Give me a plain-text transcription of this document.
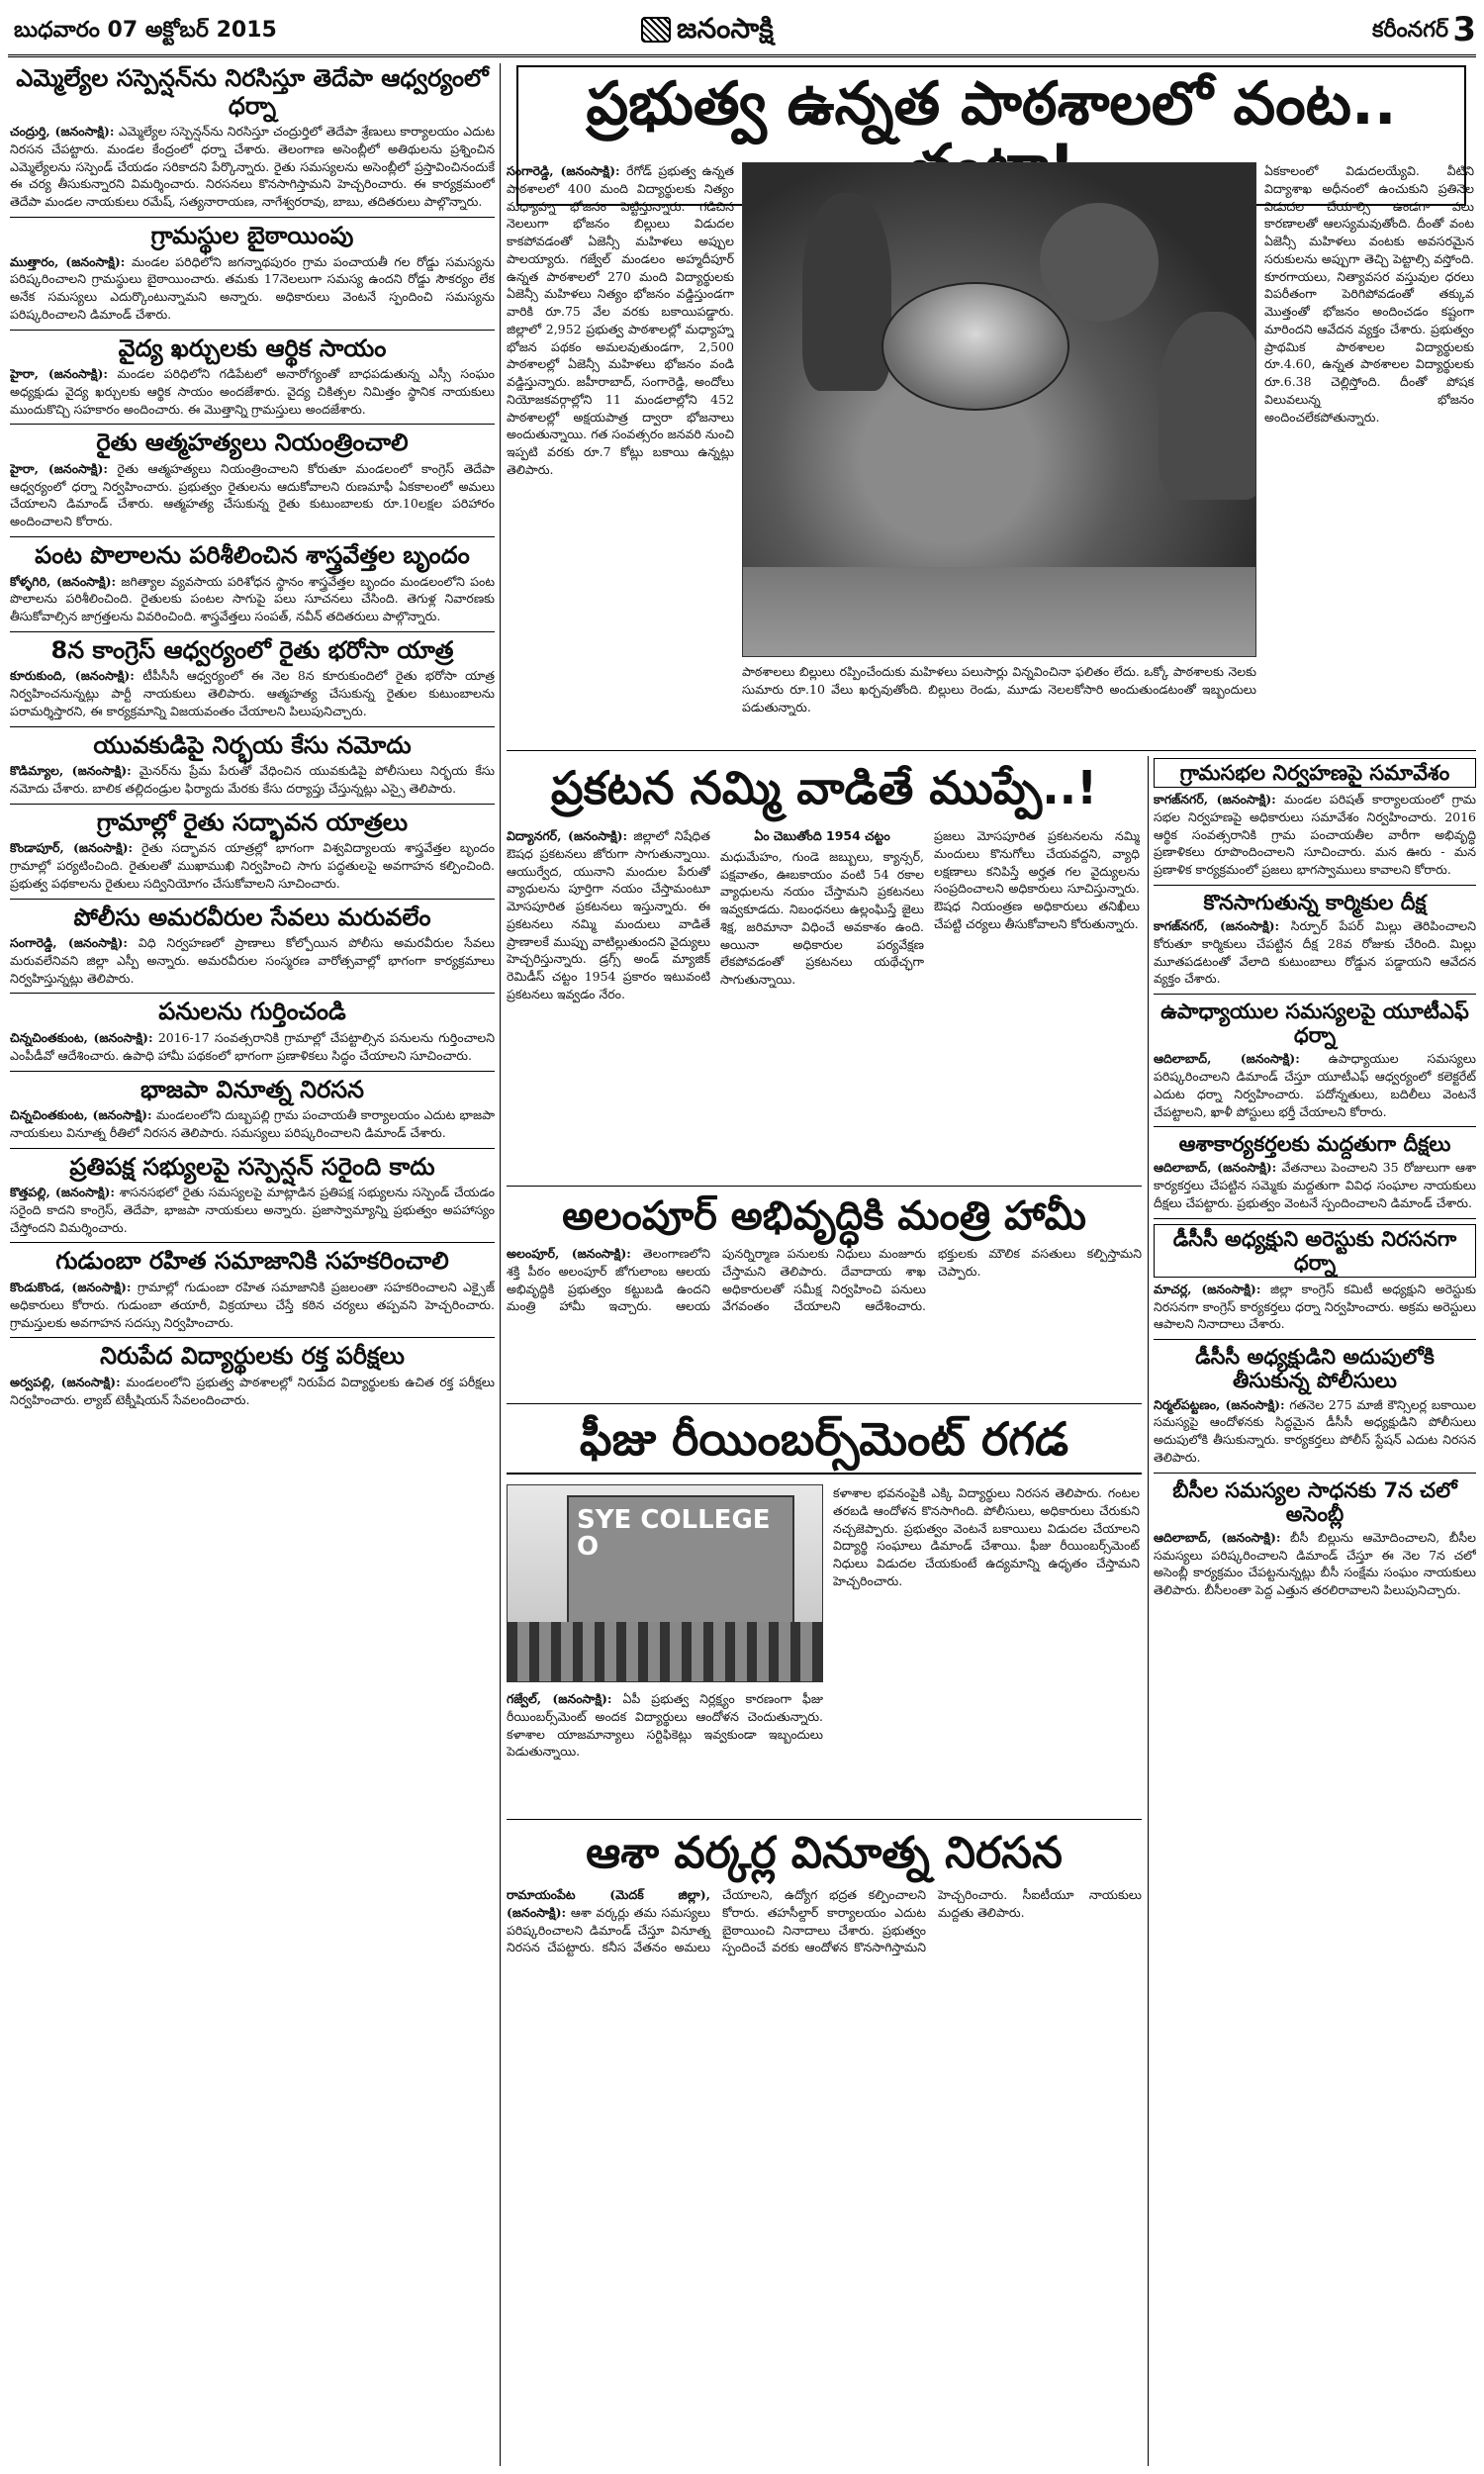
బుధవారం 07 అక్టోబర్ 2015	జనంసాక్షి	కరీంనగర్ 3
ఎమ్మెల్యేల సస్పెన్షన్‌ను నిరసిస్తూ తెదేపా ఆధ్వర్యంలో ధర్నా
చంద్రుర్తి, (జనంసాక్షి): ఎమ్మెల్యేల సస్పెన్షన్‌ను నిరసిస్తూ చంద్రుర్తిలో తెదేపా శ్రేణులు కార్యాలయం ఎదుట నిరసన చేపట్టారు. మండల కేంద్రంలో ధర్నా చేశారు. తెలంగాణ అసెంబ్లీలో అతిథులను ప్రశ్నించిన ఎమ్మెల్యేలను సస్పెండ్ చేయడం సరికాదని పేర్కొన్నారు. రైతు సమస్యలను అసెంబ్లీలో ప్రస్తావించినందుకే ఈ చర్య తీసుకున్నారని విమర్శించారు. నిరసనలు కొనసాగిస్తామని హెచ్చరించారు. ఈ కార్యక్రమంలో తెదేపా మండల నాయకులు రమేష్, సత్యనారాయణ, నాగేశ్వరరావు, బాబు, తదితరులు పాల్గొన్నారు.
గ్రామస్థుల బైఠాయింపు
ముత్తారం, (జనంసాక్షి): మండల పరిధిలోని జగన్నాథపురం గ్రామ పంచాయతీ గల రోడ్డు సమస్యను పరిష్కరించాలని గ్రామస్థులు బైఠాయించారు. తమకు 17నెలలుగా సమస్య ఉందని రోడ్డు సౌకర్యం లేక అనేక సమస్యలు ఎదుర్కొంటున్నామని అన్నారు. అధికారులు వెంటనే స్పందించి సమస్యను పరిష్కరించాలని డిమాండ్ చేశారు.
వైద్య ఖర్చులకు ఆర్థిక సాయం
హైరా, (జనంసాక్షి): మండల పరిధిలోని గడిపేటలో అనారోగ్యంతో బాధపడుతున్న ఎస్సీ సంఘం అధ్యక్షుడు వైద్య ఖర్చులకు ఆర్థిక సాయం అందజేశారు. వైద్య చికిత్సల నిమిత్తం స్థానిక నాయకులు ముందుకొచ్చి సహకారం అందించారు. ఈ మొత్తాన్ని గ్రామస్తులు అందజేశారు.
రైతు ఆత్మహత్యలు నియంత్రించాలి
హైరా, (జనంసాక్షి): రైతు ఆత్మహత్యలు నియంత్రించాలని కోరుతూ మండలంలో కాంగ్రెస్ తెదేపా ఆధ్వర్యంలో ధర్నా నిర్వహించారు. ప్రభుత్వం రైతులను ఆదుకోవాలని రుణమాఫీ ఏకకాలంలో అమలు చేయాలని డిమాండ్ చేశారు. ఆత్మహత్య చేసుకున్న రైతు కుటుంబాలకు రూ.10లక్షల పరిహారం అందించాలని కోరారు.
పంట పొలాలను పరిశీలించిన శాస్త్రవేత్తల బృందం
కోళ్ళగిరి, (జనంసాక్షి): జగిత్యాల వ్యవసాయ పరిశోధన స్థానం శాస్త్రవేత్తల బృందం మండలంలోని పంట పొలాలను పరిశీలించింది. రైతులకు పంటల సాగుపై పలు సూచనలు చేసింది. తెగుళ్ల నివారణకు తీసుకోవాల్సిన జాగ్రత్తలను వివరించింది. శాస్త్రవేత్తలు సంపత్, నవీన్ తదితరులు పాల్గొన్నారు.
8న కాంగ్రెస్ ఆధ్వర్యంలో రైతు భరోసా యాత్ర
కూరుకుంది, (జనంసాక్షి): టీపీసీసీ ఆధ్వర్యంలో ఈ నెల 8న కూరుకుందిలో రైతు భరోసా యాత్ర నిర్వహించనున్నట్లు పార్టీ నాయకులు తెలిపారు. ఆత్మహత్య చేసుకున్న రైతుల కుటుంబాలను పరామర్శిస్తారని, ఈ కార్యక్రమాన్ని విజయవంతం చేయాలని పిలుపునిచ్చారు.
యువకుడిపై నిర్భయ కేసు నమోదు
కొడిమ్యాల, (జనంసాక్షి): మైనర్‌ను ప్రేమ పేరుతో వేధించిన యువకుడిపై పోలీసులు నిర్భయ కేసు నమోదు చేశారు. బాలిక తల్లిదండ్రుల ఫిర్యాదు మేరకు కేసు దర్యాప్తు చేస్తున్నట్లు ఎస్సై తెలిపారు.
గ్రామాల్లో రైతు సద్భావన యాత్రలు
కొండాపూర్, (జనంసాక్షి): రైతు సద్భావన యాత్రల్లో భాగంగా విశ్వవిద్యాలయ శాస్త్రవేత్తల బృందం గ్రామాల్లో పర్యటించింది. రైతులతో ముఖాముఖి నిర్వహించి సాగు పద్ధతులపై అవగాహన కల్పించింది. ప్రభుత్వ పథకాలను రైతులు సద్వినియోగం చేసుకోవాలని సూచించారు.
పోలీసు అమరవీరుల సేవలు మరువలేం
సంగారెడ్డి, (జనంసాక్షి): విధి నిర్వహణలో ప్రాణాలు కోల్పోయిన పోలీసు అమరవీరుల సేవలు మరువలేనివని జిల్లా ఎస్పీ అన్నారు. అమరవీరుల సంస్మరణ వారోత్సవాల్లో భాగంగా కార్యక్రమాలు నిర్వహిస్తున్నట్లు తెలిపారు.
పనులను గుర్తించండి
చిన్నచింతకుంట, (జనంసాక్షి): 2016-17 సంవత్సరానికి గ్రామాల్లో చేపట్టాల్సిన పనులను గుర్తించాలని ఎంపీడీవో ఆదేశించారు. ఉపాధి హామీ పథకంలో భాగంగా ప్రణాళికలు సిద్ధం చేయాలని సూచించారు.
భాజపా వినూత్న నిరసన
చిన్నచింతకుంట, (జనంసాక్షి): మండలంలోని దుబ్బపల్లి గ్రామ పంచాయతీ కార్యాలయం ఎదుట భాజపా నాయకులు వినూత్న రీతిలో నిరసన తెలిపారు. సమస్యలు పరిష్కరించాలని డిమాండ్ చేశారు.
ప్రతిపక్ష సభ్యులపై సస్పెన్షన్ సరైంది కాదు
కొత్తపల్లి, (జనంసాక్షి): శాసనసభలో రైతు సమస్యలపై మాట్లాడిన ప్రతిపక్ష సభ్యులను సస్పెండ్ చేయడం సరైంది కాదని కాంగ్రెస్, తెదేపా, భాజపా నాయకులు అన్నారు. ప్రజాస్వామ్యాన్ని ప్రభుత్వం అపహాస్యం చేస్తోందని విమర్శించారు.
గుడుంబా రహిత సమాజానికి సహకరించాలి
కొండుకొండ, (జనంసాక్షి): గ్రామాల్లో గుడుంబా రహిత సమాజానికి ప్రజలంతా సహకరించాలని ఎక్సైజ్ అధికారులు కోరారు. గుడుంబా తయారీ, విక్రయాలు చేస్తే కఠిన చర్యలు తప్పవని హెచ్చరించారు. గ్రామస్తులకు అవగాహన సదస్సు నిర్వహించారు.
నిరుపేద విద్యార్థులకు రక్త పరీక్షలు
అర్వపల్లి, (జనంసాక్షి): మండలంలోని ప్రభుత్వ పాఠశాలల్లో నిరుపేద విద్యార్థులకు ఉచిత రక్త పరీక్షలు నిర్వహించారు. ల్యాబ్ టెక్నీషియన్ సేవలందించారు.
ప్రభుత్వ ఉన్నత పాఠశాలలో వంట..
సంగారెడ్డి, (జనంసాక్షి): రేగోడ్ ప్రభుత్వ ఉన్నత పాఠశాలలో 400 మంది విద్యార్థులకు నిత్యం మధ్యాహ్న భోజనం పెట్టిస్తున్నారు. గడిచిన నెలలుగా భోజనం బిల్లులు విడుదల కాకపోవడంతో ఏజెన్సీ మహిళలు అప్పుల పాలయ్యారు. గజ్వేల్ మండలం అహ్మదీపూర్ ఉన్నత పాఠశాలలో 270 మంది విద్యార్థులకు ఏజెన్సీ మహిళలు నిత్యం భోజనం వడ్డిస్తుండగా వారికి రూ.75 వేల వరకు బకాయిపడ్డారు. జిల్లాలో 2,952 ప్రభుత్వ పాఠశాలల్లో మధ్యాహ్న భోజన పథకం అమలవుతుండగా, 2,500 పాఠశాలల్లో ఏజెన్సీ మహిళలు భోజనం వండి వడ్డిస్తున్నారు. జహీరాబాద్, సంగారెడ్డి, అందోలు నియోజకవర్గాల్లోని 11 మండలాల్లోని 452 పాఠశాలల్లో అక్షయపాత్ర ద్వారా భోజనాలు అందుతున్నాయి. గత సంవత్సరం జనవరి నుంచి ఇప్పటి వరకు రూ.7 కోట్లు బకాయి ఉన్నట్లు తెలిపారు.
ఏకకాలంలో విడుదలయ్యేవి. వీటిని విద్యాశాఖ అధీనంలో ఉంచుకుని ప్రతినెల విడుదల చేయాల్సి ఉండగా పలు కారణాలతో ఆలస్యమవుతోంది. దీంతో వంట ఏజెన్సీ మహిళలు వంటకు అవసరమైన సరుకులను అప్పుగా తెచ్చి పెట్టాల్సి వస్తోంది. కూరగాయలు, నిత్యావసర వస్తువుల ధరలు విపరీతంగా పెరిగిపోవడంతో తక్కువ మొత్తంతో భోజనం అందించడం కష్టంగా మారిందని ఆవేదన వ్యక్తం చేశారు. ప్రభుత్వం ప్రాథమిక పాఠశాలల విద్యార్థులకు రూ.4.60, ఉన్నత పాఠశాలల విద్యార్థులకు రూ.6.38 చెల్లిస్తోంది. దీంతో పోషక విలువలున్న భోజనం అందించలేకపోతున్నారు.
పాఠశాలలు బిల్లులు రప్పించేందుకు మహిళలు పలుసార్లు విన్నవించినా ఫలితం లేదు. ఒక్కో పాఠశాలకు నెలకు సుమారు రూ.10 వేలు ఖర్చవుతోంది. బిల్లులు రెండు, మూడు నెలలకోసారి అందుతుండటంతో ఇబ్బందులు పడుతున్నారు.
ప్రకటన నమ్మి వాడితే ముప్పే..!
విద్యానగర్, (జనంసాక్షి): జిల్లాలో నిషేధిత ఔషధ ప్రకటనలు జోరుగా సాగుతున్నాయి. ఆయుర్వేద, యునాని మందుల పేరుతో వ్యాధులను పూర్తిగా నయం చేస్తామంటూ మోసపూరిత ప్రకటనలు ఇస్తున్నారు. ఈ ప్రకటనలు నమ్మి మందులు వాడితే ప్రాణాలకే ముప్పు వాటిల్లుతుందని వైద్యులు హెచ్చరిస్తున్నారు. డ్రగ్స్ అండ్ మ్యాజిక్ రెమిడీస్ చట్టం 1954 ప్రకారం ఇటువంటి ప్రకటనలు ఇవ్వడం నేరం.
ఏం చెబుతోంది 1954 చట్టం
మధుమేహం, గుండె జబ్బులు, క్యాన్సర్, పక్షవాతం, ఊబకాయం వంటి 54 రకాల వ్యాధులను నయం చేస్తామని ప్రకటనలు ఇవ్వకూడదు. నిబంధనలు ఉల్లంఘిస్తే జైలు శిక్ష, జరిమానా విధించే అవకాశం ఉంది. అయినా అధికారుల పర్యవేక్షణ లేకపోవడంతో ప్రకటనలు యథేచ్ఛగా సాగుతున్నాయి.
ప్రజలు మోసపూరిత ప్రకటనలను నమ్మి మందులు కొనుగోలు చేయవద్దని, వ్యాధి లక్షణాలు కనిపిస్తే అర్హత గల వైద్యులను సంప్రదించాలని అధికారులు సూచిస్తున్నారు. ఔషధ నియంత్రణ అధికారులు తనిఖీలు చేపట్టి చర్యలు తీసుకోవాలని కోరుతున్నారు.
అలంపూర్ అభివృద్ధికి మంత్రి హామీ
అలంపూర్, (జనంసాక్షి): తెలంగాణలోని శక్తి పీఠం అలంపూర్ జోగులాంబ ఆలయ అభివృద్ధికి ప్రభుత్వం కట్టుబడి ఉందని మంత్రి హామీ ఇచ్చారు. ఆలయ పునర్నిర్మాణ పనులకు నిధులు మంజూరు చేస్తామని తెలిపారు. దేవాదాయ శాఖ అధికారులతో సమీక్ష నిర్వహించి పనులు వేగవంతం చేయాలని ఆదేశించారు. భక్తులకు మౌలిక వసతులు కల్పిస్తామని చెప్పారు.
ఫీజు రీయింబర్స్‌మెంట్ రగడ
SYE COLLEGE O
కళాశాల భవనంపైకి ఎక్కి విద్యార్థులు నిరసన తెలిపారు. గంటల తరబడి ఆందోళన కొనసాగింది. పోలీసులు, అధికారులు చేరుకుని నచ్చజెప్పారు. ప్రభుత్వం వెంటనే బకాయిలు విడుదల చేయాలని విద్యార్థి సంఘాలు డిమాండ్ చేశాయి. ఫీజు రీయింబర్స్‌మెంట్ నిధులు విడుదల చేయకుంటే ఉద్యమాన్ని ఉధృతం చేస్తామని హెచ్చరించారు.
గజ్వేల్, (జనంసాక్షి): ఏపీ ప్రభుత్వ నిర్లక్ష్యం కారణంగా ఫీజు రీయింబర్స్‌మెంట్ అందక విద్యార్థులు ఆందోళన చెందుతున్నారు. కళాశాల యాజమాన్యాలు సర్టిఫికెట్లు ఇవ్వకుండా ఇబ్బందులు పెడుతున్నాయి.
ఆశా వర్కర్ల వినూత్న నిరసన
రామాయంపేట (మెదక్ జిల్లా), (జనంసాక్షి): ఆశా వర్కర్లు తమ సమస్యలు పరిష్కరించాలని డిమాండ్ చేస్తూ వినూత్న నిరసన చేపట్టారు. కనీస వేతనం అమలు చేయాలని, ఉద్యోగ భద్రత కల్పించాలని కోరారు. తహసీల్దార్ కార్యాలయం ఎదుట బైఠాయించి నినాదాలు చేశారు. ప్రభుత్వం స్పందించే వరకు ఆందోళన కొనసాగిస్తామని హెచ్చరించారు. సీఐటీయూ నాయకులు మద్దతు తెలిపారు.
గ్రామసభల నిర్వహణపై సమావేశం
కాగజ్‌నగర్, (జనంసాక్షి): మండల పరిషత్ కార్యాలయంలో గ్రామ సభల నిర్వహణపై అధికారులు సమావేశం నిర్వహించారు. 2016 ఆర్థిక సంవత్సరానికి గ్రామ పంచాయతీల వారీగా అభివృద్ధి ప్రణాళికలు రూపొందించాలని సూచించారు. మన ఊరు - మన ప్రణాళిక కార్యక్రమంలో ప్రజలు భాగస్వాములు కావాలని కోరారు.
కొనసాగుతున్న కార్మికుల దీక్ష
కాగజ్‌నగర్, (జనంసాక్షి): సిర్పూర్ పేపర్ మిల్లు తెరిపించాలని కోరుతూ కార్మికులు చేపట్టిన దీక్ష 28వ రోజుకు చేరింది. మిల్లు మూతపడటంతో వేలాది కుటుంబాలు రోడ్డున పడ్డాయని ఆవేదన వ్యక్తం చేశారు.
ఉపాధ్యాయుల సమస్యలపై యూటీఎఫ్ ధర్నా
ఆదిలాబాద్, (జనంసాక్షి): ఉపాధ్యాయుల సమస్యలు పరిష్కరించాలని డిమాండ్ చేస్తూ యూటీఎఫ్ ఆధ్వర్యంలో కలెక్టరేట్ ఎదుట ధర్నా నిర్వహించారు. పదోన్నతులు, బదిలీలు వెంటనే చేపట్టాలని, ఖాళీ పోస్టులు భర్తీ చేయాలని కోరారు.
ఆశాకార్యకర్తలకు మద్దతుగా దీక్షలు
ఆదిలాబాద్, (జనంసాక్షి): వేతనాలు పెంచాలని 35 రోజులుగా ఆశా కార్యకర్తలు చేపట్టిన సమ్మెకు మద్దతుగా వివిధ సంఘాల నాయకులు దీక్షలు చేపట్టారు. ప్రభుత్వం వెంటనే స్పందించాలని డిమాండ్ చేశారు.
డీసీసీ అధ్యక్షుని అరెస్టుకు నిరసనగా ధర్నా
మాచర్ల, (జనంసాక్షి): జిల్లా కాంగ్రెస్ కమిటీ అధ్యక్షుని అరెస్టుకు నిరసనగా కాంగ్రెస్ కార్యకర్తలు ధర్నా నిర్వహించారు. అక్రమ అరెస్టులు ఆపాలని నినాదాలు చేశారు.
డీసీసీ అధ్యక్షుడిని అదుపులోకి తీసుకున్న పోలీసులు
నిర్మల్‌పట్టణం, (జనంసాక్షి): గతనెల 275 మాజీ కౌన్సిలర్ల బకాయిల సమస్యపై ఆందోళనకు సిద్ధమైన డీసీసీ అధ్యక్షుడిని పోలీసులు అదుపులోకి తీసుకున్నారు. కార్యకర్తలు పోలీస్ స్టేషన్ ఎదుట నిరసన తెలిపారు.
బీసీల సమస్యల సాధనకు 7న చలో అసెంబ్లీ
ఆదిలాబాద్, (జనంసాక్షి): బీసీ బిల్లును ఆమోదించాలని, బీసీల సమస్యలు పరిష్కరించాలని డిమాండ్ చేస్తూ ఈ నెల 7న చలో అసెంబ్లీ కార్యక్రమం చేపట్టనున్నట్లు బీసీ సంక్షేమ సంఘం నాయకులు తెలిపారు. బీసీలంతా పెద్ద ఎత్తున తరలిరావాలని పిలుపునిచ్చారు.
